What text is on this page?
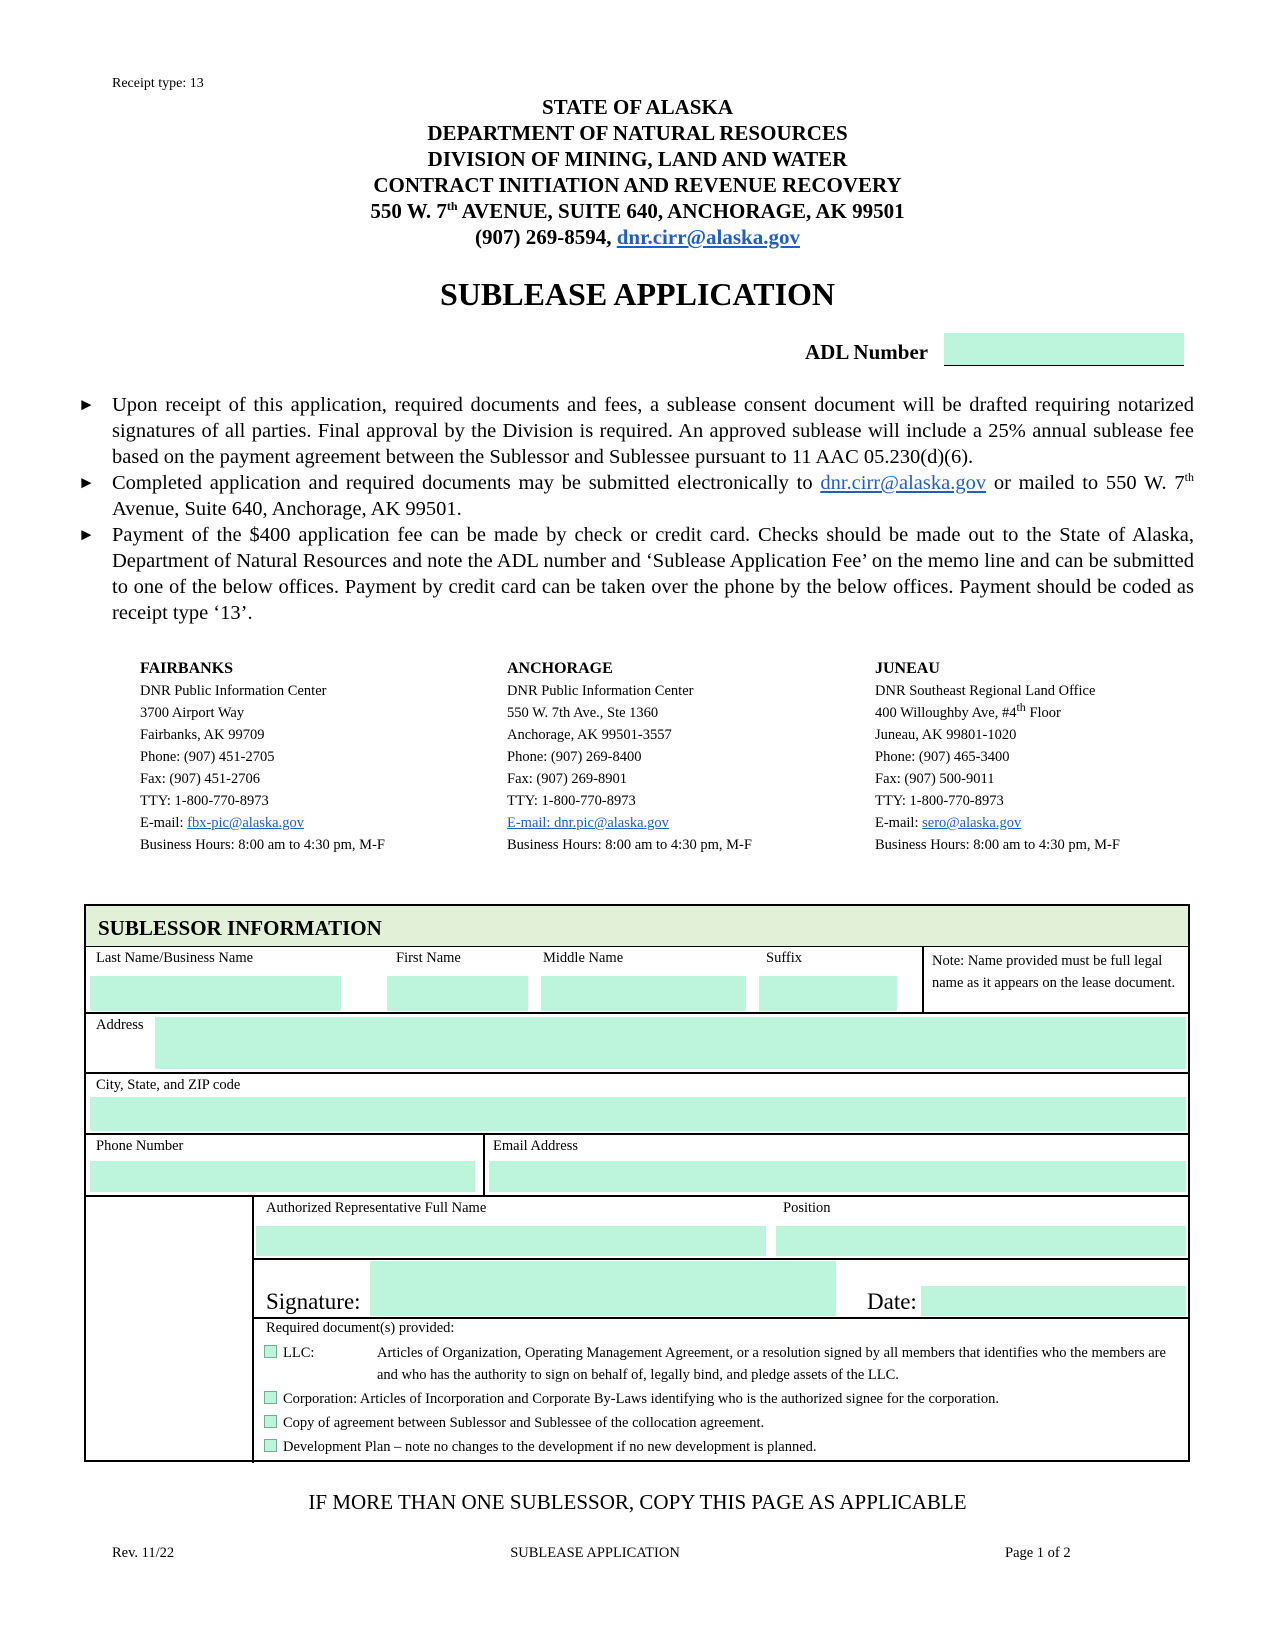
Receipt type: 13
STATE OF ALASKA
DEPARTMENT OF NATURAL RESOURCES
DIVISION OF MINING, LAND AND WATER
CONTRACT INITIATION AND REVENUE RECOVERY
550 W. 7th AVENUE, SUITE 640, ANCHORAGE, AK 99501
(907) 269-8594, dnr.cirr@alaska.gov
SUBLEASE APPLICATION
ADL Number
► Upon receipt of this application, required documents and fees, a sublease consent document will be drafted requiring notarized signatures of all parties. Final approval by the Division is required. An approved sublease will include a 25% annual sublease fee based on the payment agreement between the Sublessor and Sublessee pursuant to 11 AAC 05.230(d)(6).
► Completed application and required documents may be submitted electronically to dnr.cirr@alaska.gov or mailed to 550 W. 7th Avenue, Suite 640, Anchorage, AK 99501.
► Payment of the $400 application fee can be made by check or credit card. Checks should be made out to the State of Alaska, Department of Natural Resources and note the ADL number and ‘Sublease Application Fee’ on the memo line and can be submitted to one of the below offices. Payment by credit card can be taken over the phone by the below offices. Payment should be coded as receipt type ‘13’.
FAIRBANKS
DNR Public Information Center
3700 Airport Way
Fairbanks, AK 99709
Phone: (907) 451-2705
Fax: (907) 451-2706
TTY: 1-800-770-8973
E-mail: fbx-pic@alaska.gov
Business Hours: 8:00 am to 4:30 pm, M-F
ANCHORAGE
DNR Public Information Center
550 W. 7th Ave., Ste 1360
Anchorage, AK 99501-3557
Phone: (907) 269-8400
Fax: (907) 269-8901
TTY: 1-800-770-8973
E-mail: dnr.pic@alaska.gov
Business Hours: 8:00 am to 4:30 pm, M-F
JUNEAU
DNR Southeast Regional Land Office
400 Willoughby Ave, #4th Floor
Juneau, AK 99801-1020
Phone: (907) 465-3400
Fax: (907) 500-9011
TTY: 1-800-770-8973
E-mail: sero@alaska.gov
Business Hours: 8:00 am to 4:30 pm, M-F
SUBLESSOR INFORMATION
Last Name/Business Name	First Name	Middle Name	Suffix	Note: Name provided must be full legal name as it appears on the lease document.
Address
City, State, and ZIP code
Phone Number	Email Address
Authorized Representative Full Name	Position
Signature:	Date:
Required document(s) provided:
LLC:	Articles of Organization, Operating Management Agreement, or a resolution signed by all members that identifies who the members are and who has the authority to sign on behalf of, legally bind, and pledge assets of the LLC.
Corporation: Articles of Incorporation and Corporate By-Laws identifying who is the authorized signee for the corporation.
Copy of agreement between Sublessor and Sublessee of the collocation agreement.
Development Plan – note no changes to the development if no new development is planned.
IF MORE THAN ONE SUBLESSOR, COPY THIS PAGE AS APPLICABLE
Rev. 11/22	SUBLEASE APPLICATION	Page 1 of 2
